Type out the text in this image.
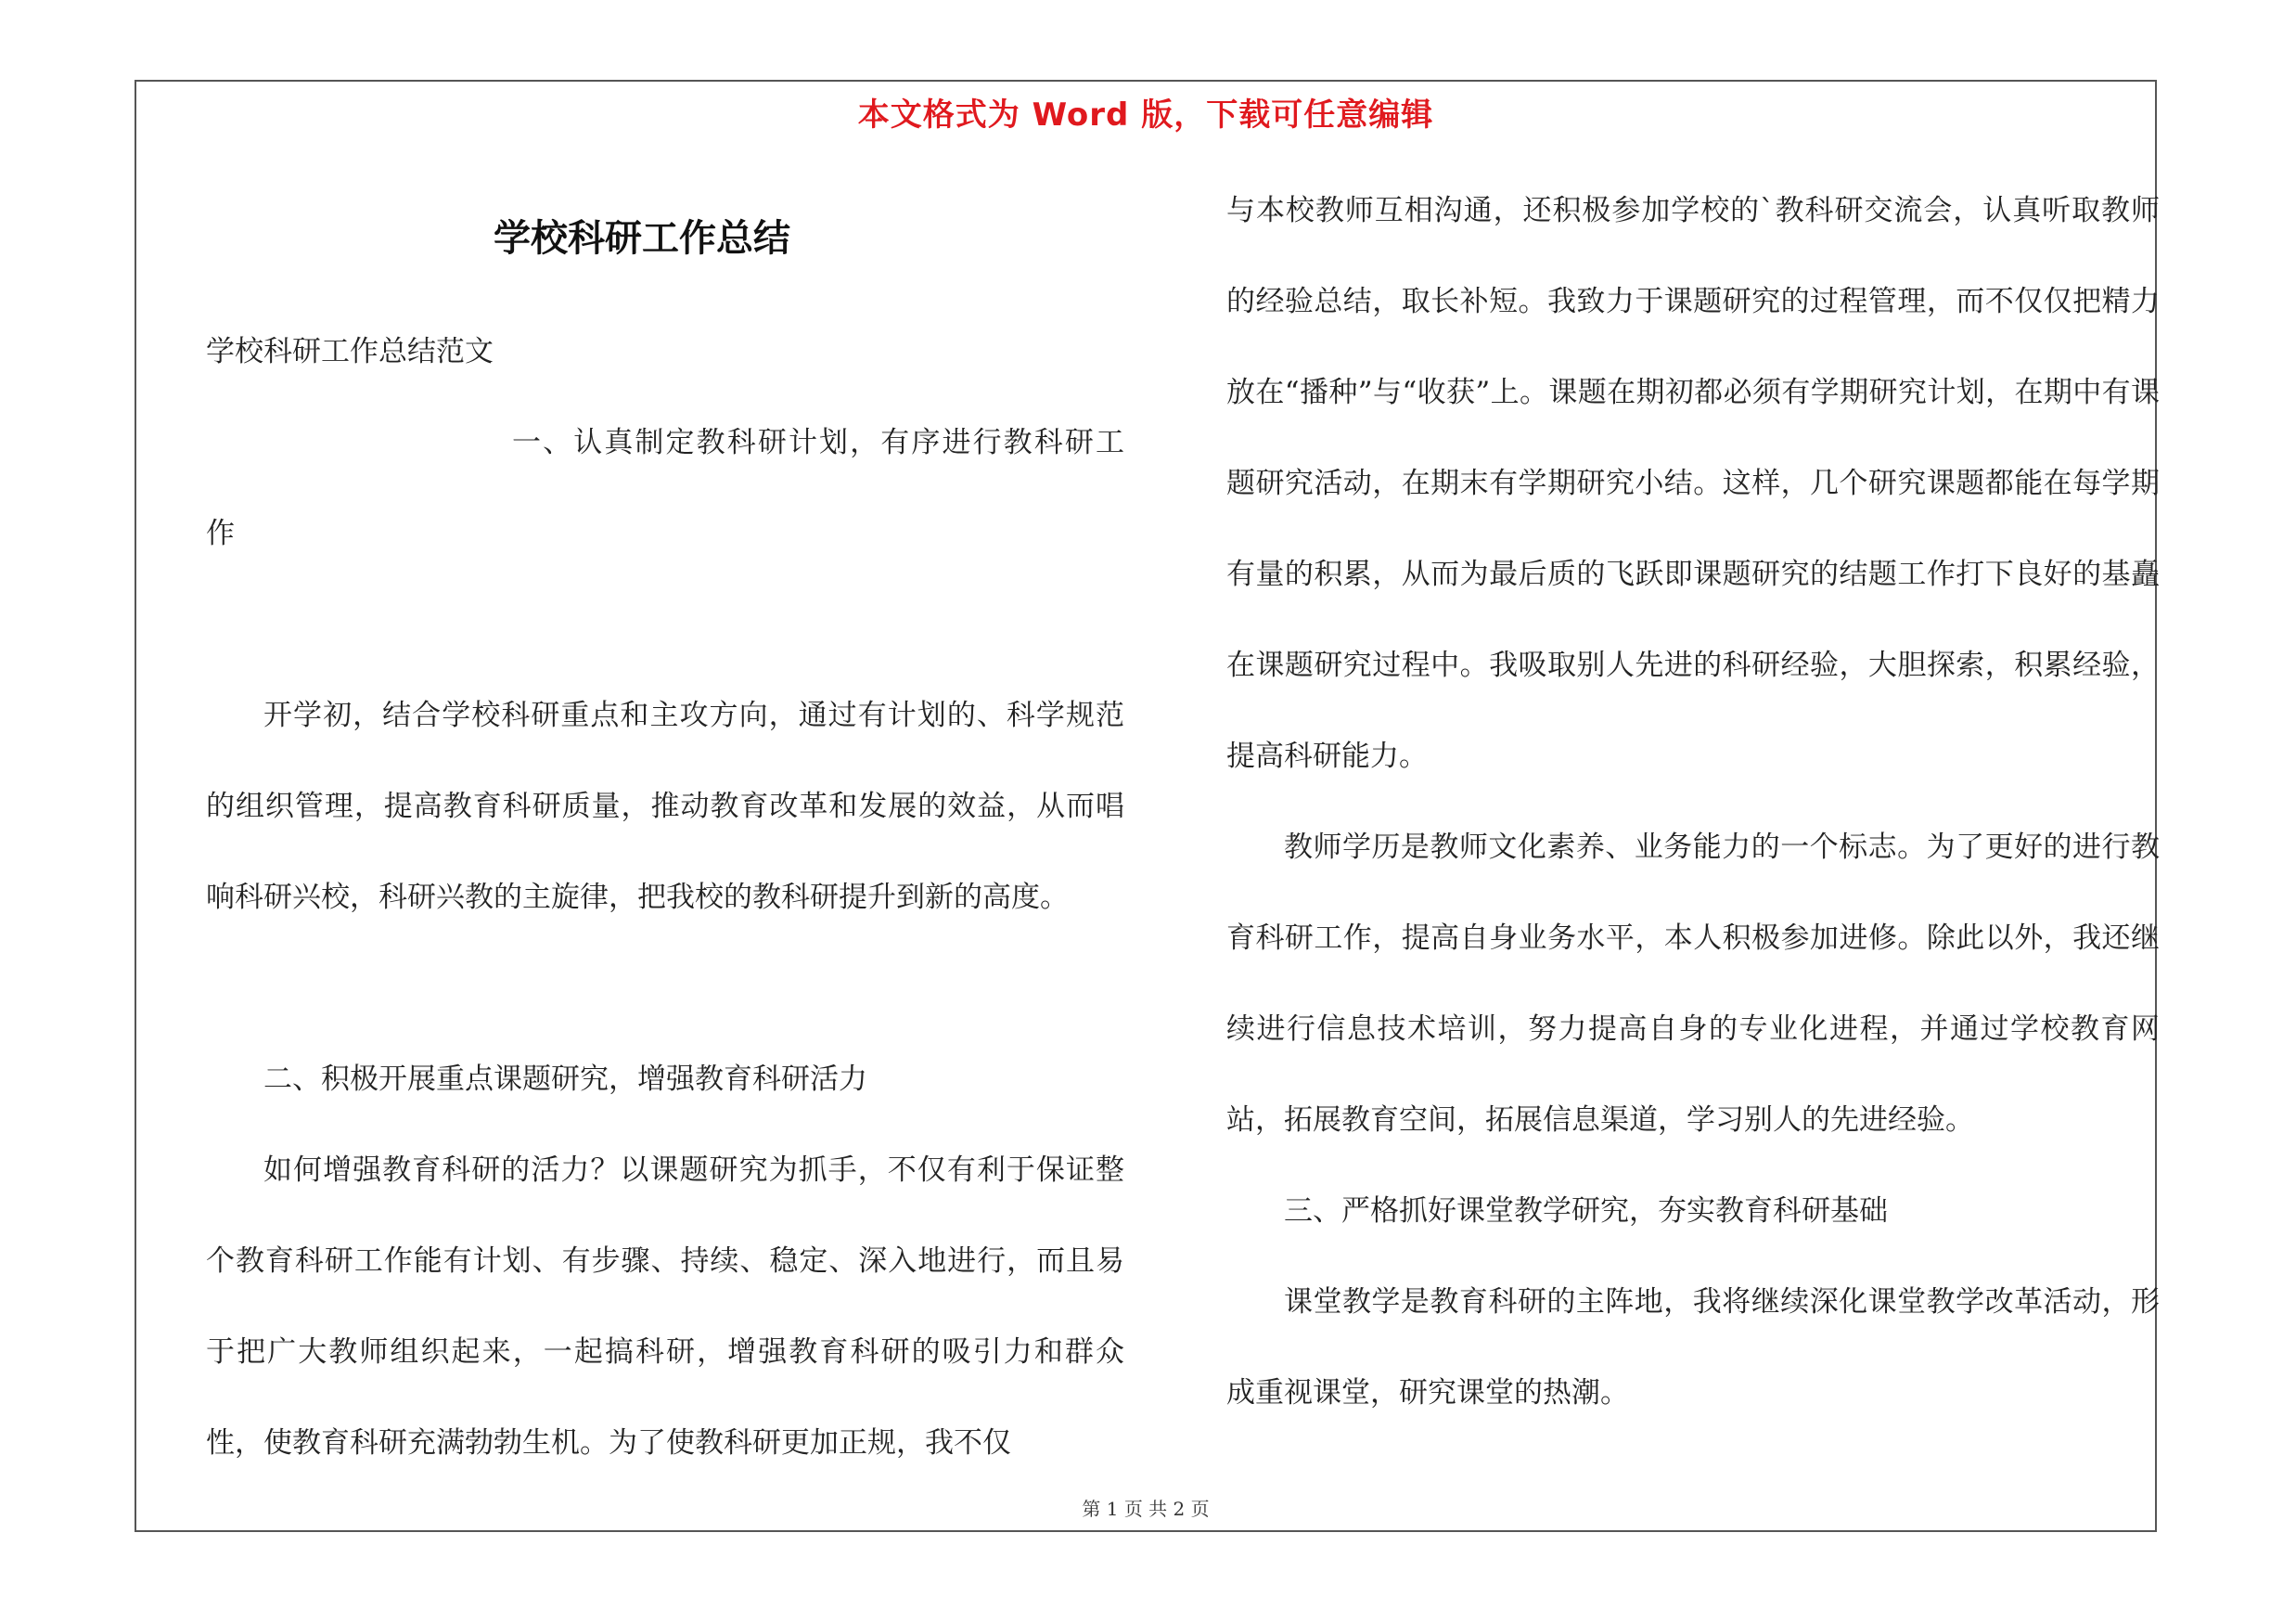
本文格式为 Word 版，下载可任意编辑
学校科研工作总结

学校科研工作总结范文

一、认真制定教科研计划，有序进行教科研工

作

开学初，结合学校科研重点和主攻方向，通过有计划的、科学规范的组织管理，提高教育科研质量，推动教育改革和发展的效益，从而唱响科研兴校，科研兴教的主旋律，把我校的教科研提升到新的高度。

二、积极开展重点课题研究，增强教育科研活力

如何增强教育科研的活力？以课题研究为抓手，不仅有利于保证整个教育科研工作能有计划、有步骤、持续、稳定、深入地进行，而且易于把广大教师组织起来，一起搞科研，增强教育科研的吸引力和群众性，使教育科研充满勃勃生机。为了使教科研更加正规，我不仅

与本校教师互相沟通，还积极参加学校的`教科研交流会，认真听取教师的经验总结，取长补短。我致力于课题研究的过程管理，而不仅仅把精力放在“播种”与“收获”上。课题在期初都必须有学期研究计划，在期中有课题研究活动，在期末有学期研究小结。这样，几个研究课题都能在每学期有量的积累，从而为最后质的飞跃即课题研究的结题工作打下良好的基矗在课题研究过程中。我吸取别人先进的科研经验，大胆探索，积累经验，提高科研能力。

教师学历是教师文化素养、业务能力的一个标志。为了更好的进行教育科研工作，提高自身业务水平，本人积极参加进修。除此以外，我还继续进行信息技术培训，努力提高自身的专业化进程，并通过学校教育网站，拓展教育空间，拓展信息渠道，学习别人的先进经验。

三、严格抓好课堂教学研究，夯实教育科研基础

课堂教学是教育科研的主阵地，我将继续深化课堂教学改革活动，形成重视课堂，研究课堂的热潮。

第 1 页 共 2 页
